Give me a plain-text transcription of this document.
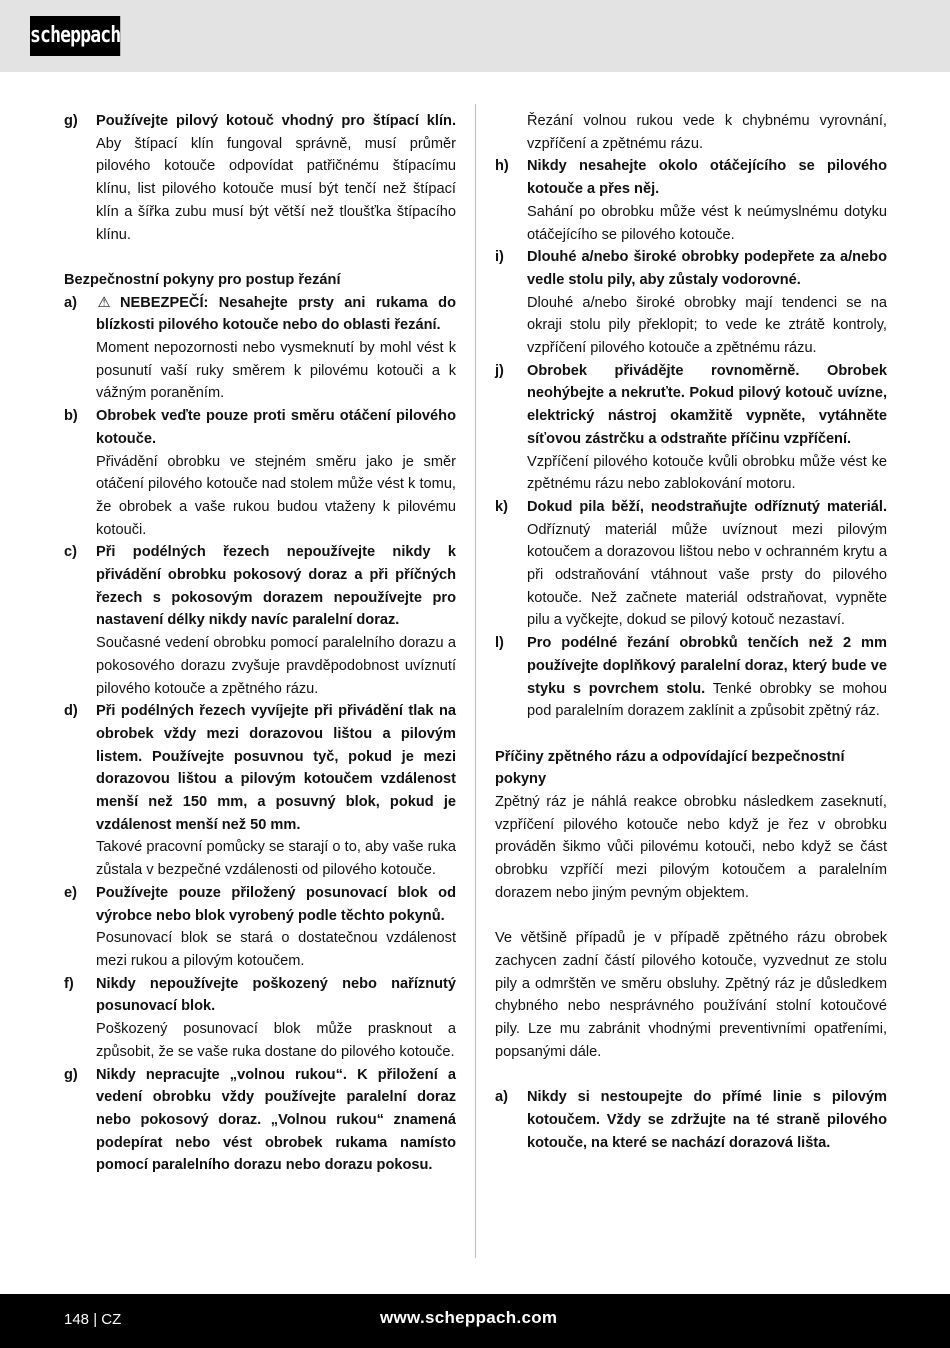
scheppach
g)	Používejte pilový kotouč vhodný pro štípací klín. Aby štípací klín fungoval správně, musí průměr pilového kotouče odpovídat patřičnému štípacímu klínu, list pilového kotouče musí být tenčí než štípací klín a šířka zubu musí být větší než tloušťka štípacího klínu.
Bezpečnostní pokyny pro postup řezání
a)	⚠ NEBEZPEČÍ: Nesahejte prsty ani rukama do blízkosti pilového kotouče nebo do oblasti řezání.
Moment nepozornosti nebo vysmeknutí by mohl vést k posunutí vaší ruky směrem k pilovému kotouči a k vážným poraněním.
b)	Obrobek veďte pouze proti směru otáčení pilového kotouče.
Přivádění obrobku ve stejném směru jako je směr otáčení pilového kotouče nad stolem může vést k tomu, že obrobek a vaše rukou budou vtaženy k pilovému kotouči.
c)	Při podélných řezech nepoužívejte nikdy k přivádění obrobku pokosový doraz a při příčných řezech s pokosovým dorazem nepoužívejte pro nastavení délky nikdy navíc paralelní doraz.
Současné vedení obrobku pomocí paralelního dorazu a pokosového dorazu zvyšuje pravděpodobnost uvíznutí pilového kotouče a zpětného rázu.
d)	Při podélných řezech vyvíjejte při přivádění tlak na obrobek vždy mezi dorazovou lištou a pilovým listem. Používejte posuvnou tyč, pokud je mezi dorazovou lištou a pilovým kotoučem vzdálenost menší než 150 mm, a posuvný blok, pokud je vzdálenost menší než 50 mm.
Takové pracovní pomůcky se starají o to, aby vaše ruka zůstala v bezpečné vzdálenosti od pilového kotouče.
e)	Používejte pouze přiložený posunovací blok od výrobce nebo blok vyrobený podle těchto pokynů.
Posunovací blok se stará o dostatečnou vzdálenost mezi rukou a pilovým kotoučem.
f)	Nikdy nepoužívejte poškozený nebo naříznutý posunovací blok.
Poškozený posunovací blok může prasknout a způsobit, že se vaše ruka dostane do pilového kotouče.
g)	Nikdy nepracujte „volnou rukou“. K přiložení a vedení obrobku vždy používejte paralelní doraz nebo pokosový doraz. „Volnou rukou“ znamená podepírat nebo vést obrobek rukama namísto pomocí paralelního dorazu nebo dorazu pokosu.
Řezání volnou rukou vede k chybnému vyrovnání, vzpříčení a zpětnému rázu.
h)	Nikdy nesahejte okolo otáčejícího se pilového kotouče a přes něj.
Sahání po obrobku může vést k neúmyslnému dotyku otáčejícího se pilového kotouče.
i)	Dlouhé a/nebo široké obrobky podepřete za a/nebo vedle stolu pily, aby zůstaly vodorovné.
Dlouhé a/nebo široké obrobky mají tendenci se na okraji stolu pily překlopit; to vede ke ztrátě kontroly, vzpříčení pilového kotouče a zpětnému rázu.
j)	Obrobek přivádějte rovnoměrně. Obrobek neohýbejte a nekruťte. Pokud pilový kotouč uvízne, elektrický nástroj okamžitě vypněte, vytáhněte síťovou zástrčku a odstraňte příčinu vzpříčení.
Vzpříčení pilového kotouče kvůli obrobku může vést ke zpětnému rázu nebo zablokování motoru.
k)	Dokud pila běží, neodstraňujte odříznutý materiál. Odříznutý materiál může uvíznout mezi pilovým kotoučem a dorazovou lištou nebo v ochranném krytu a při odstraňování vtáhnout vaše prsty do pilového kotouče. Než začnete materiál odstraňovat, vypněte pilu a vyčkejte, dokud se pilový kotouč nezastaví.
l)	Pro podélné řezání obrobků tenčích než 2 mm používejte doplňkový paralelní doraz, který bude ve styku s povrchem stolu. Tenké obrobky se mohou pod paralelním dorazem zaklínit a způsobit zpětný ráz.
Příčiny zpětného rázu a odpovídající bezpečnostní pokyny
Zpětný ráz je náhlá reakce obrobku následkem zaseknutí, vzpříčení pilového kotouče nebo když je řez v obrobku prováděn šikmo vůči pilovému kotouči, nebo když se část obrobku vzpříčí mezi pilovým kotoučem a paralelním dorazem nebo jiným pevným objektem.
Ve většině případů je v případě zpětného rázu obrobek zachycen zadní částí pilového kotouče, vyzvednut ze stolu pily a odmrštěn ve směru obsluhy. Zpětný ráz je důsledkem chybného nebo nesprávného používání stolní kotoučové pily. Lze mu zabránit vhodnými preventivními opatřeními, popsanými dále.
a)	Nikdy si nestoupejte do přímé linie s pilovým kotoučem. Vždy se zdržujte na té straně pilového kotouče, na které se nachází dorazová lišta.
148 | CZ	www.scheppach.com
